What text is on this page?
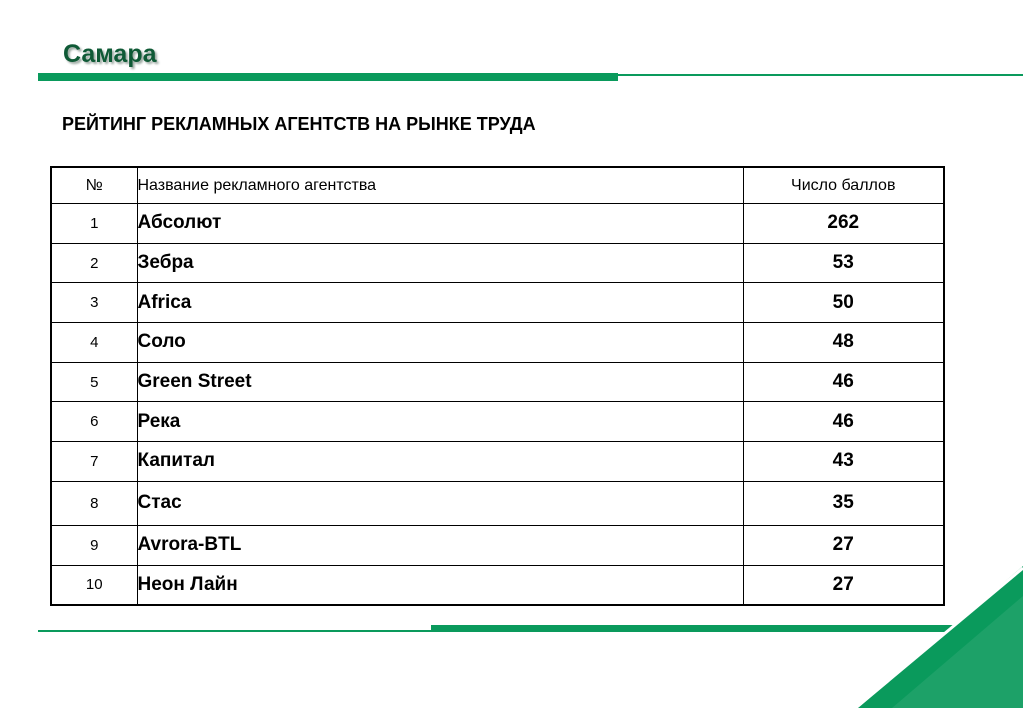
Самара
РЕЙТИНГ РЕКЛАМНЫХ АГЕНТСТВ НА РЫНКЕ ТРУДА
№	Название рекламного агентства	Число баллов
1	Абсолют	262
2	Зебра	53
3	Africa	50
4	Соло	48
5	Green Street	46
6	Река	46
7	Капитал	43
8	Стас	35
9	Avrora-BTL	27
10	Неон Лайн	27
